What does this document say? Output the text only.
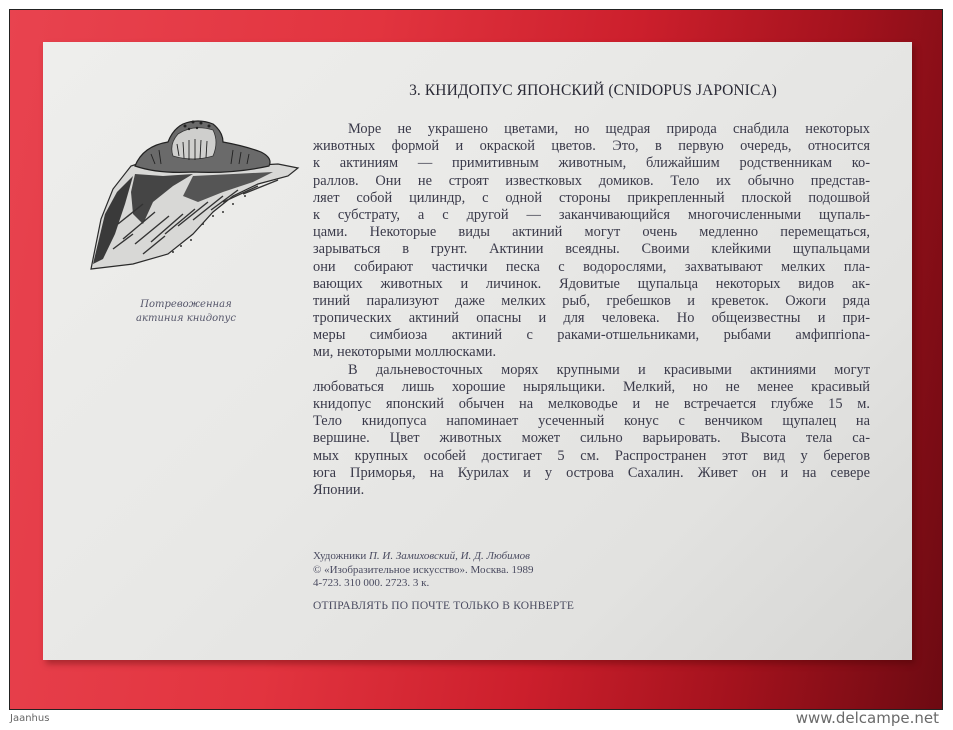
Потревоженная
актиния книдопус
3. КНИДОПУС ЯПОНСКИЙ (CNIDOPUS JAPONICA)
Море не украшено цветами, но щедрая природа снабдила некоторых
животных формой и окраской цветов. Это, в первую очередь, относится
к актиниям — примитивным животным, ближайшим родственникам ко-
раллов. Они не строят известковых домиков. Тело их обычно представ-
ляет собой цилиндр, с одной стороны прикрепленный плоской подошвой
к субстрату, а с другой — заканчивающийся многочисленными щупаль-
цами. Некоторые виды актиний могут очень медленно перемещаться,
зарываться в грунт. Актинии всеядны. Своими клейкими щупальцами
они собирают частички песка с водорослями, захватывают мелких пла-
вающих животных и личинок. Ядовитые щупальца некоторых видов ак-
тиний парализуют даже мелких рыб, гребешков и креветок. Ожоги ряда
тропических актиний опасны и для человека. Но общеизвестны и при-
меры симбиоза актиний с раками-отшельниками, рыбами амфипriona-
ми, некоторыми моллюсками.
В дальневосточных морях крупными и красивыми актиниями могут
любоваться лишь хорошие ныряльщики. Мелкий, но не менее красивый
книдопус японский обычен на мелководье и не встречается глубже 15 м.
Тело книдопуса напоминает усеченный конус с венчиком щупалец на
вершине. Цвет животных может сильно варьировать. Высота тела са-
мых крупных особей достигает 5 см. Распространен этот вид у берегов
юга Приморья, на Курилах и у острова Сахалин. Живет он и на севере
Японии.
Художники П. И. Замиховский, И. Д. Любимов
© «Изобразительное искусство». Москва. 1989
4-723. 310 000. 2723. 3 к.
ОТПРАВЛЯТЬ ПО ПОЧТЕ ТОЛЬКО В КОНВЕРТЕ
Jaanhus	www.delcampe.net
